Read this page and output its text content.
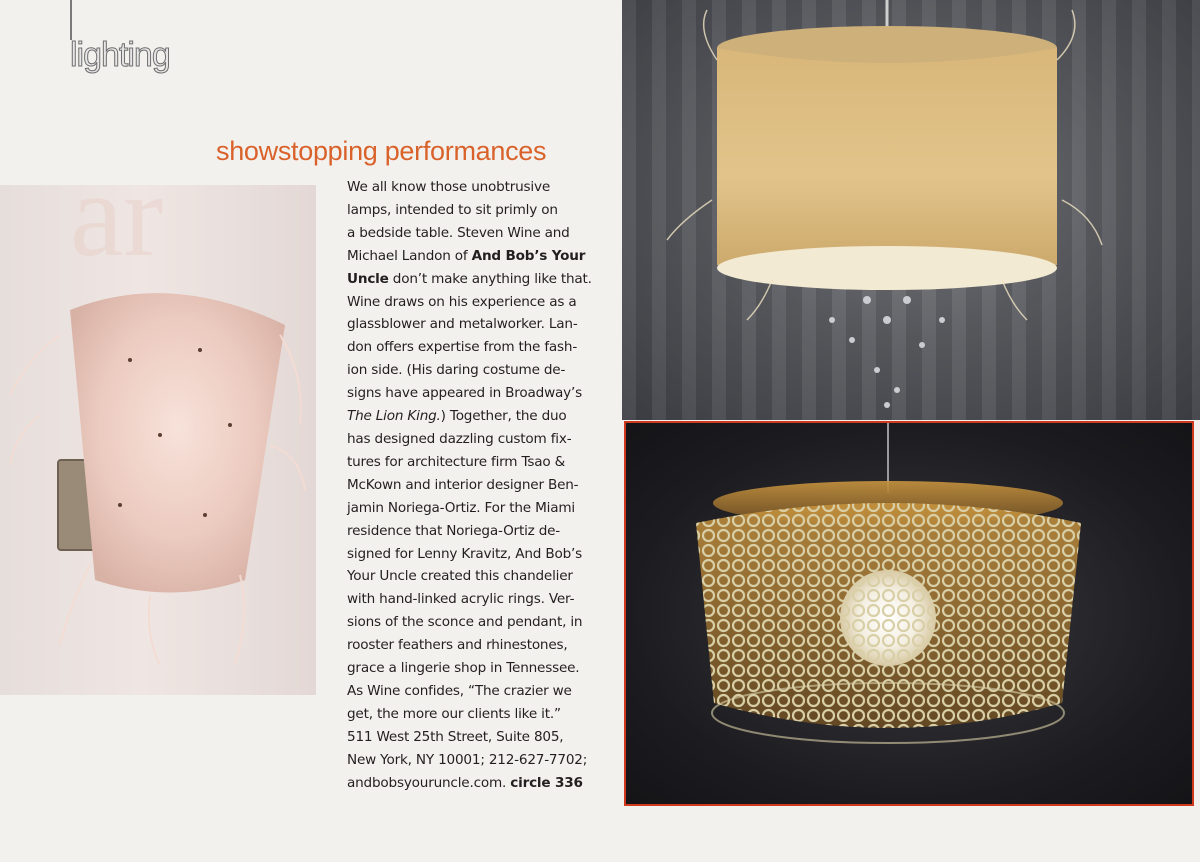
lighting
showstopping performances
ar	We all know those unobtrusive
lamps, intended to sit primly on
a bedside table. Steven Wine and
Michael Landon of And Bob’s Your
Uncle don’t make anything like that.
Wine draws on his experience as a
glassblower and metalworker. Lan-
don offers expertise from the fash-
ion side. (His daring costume de-
signs have appeared in Broadway’s
The Lion King.) Together, the duo
has designed dazzling custom fix-
tures for architecture firm Tsao &
McKown and interior designer Ben-
jamin Noriega-Ortiz. For the Miami
residence that Noriega-Ortiz de-
signed for Lenny Kravitz, And Bob’s
Your Uncle created this chandelier
with hand-linked acrylic rings. Ver-
sions of the sconce and pendant, in
rooster feathers and rhinestones,
grace a lingerie shop in Tennessee.
As Wine confides, “The crazier we
get, the more our clients like it.”
511 West 25th Street, Suite 805,
New York, NY 10001; 212-627-7702;
andbobsyouruncle.com. circle 336
